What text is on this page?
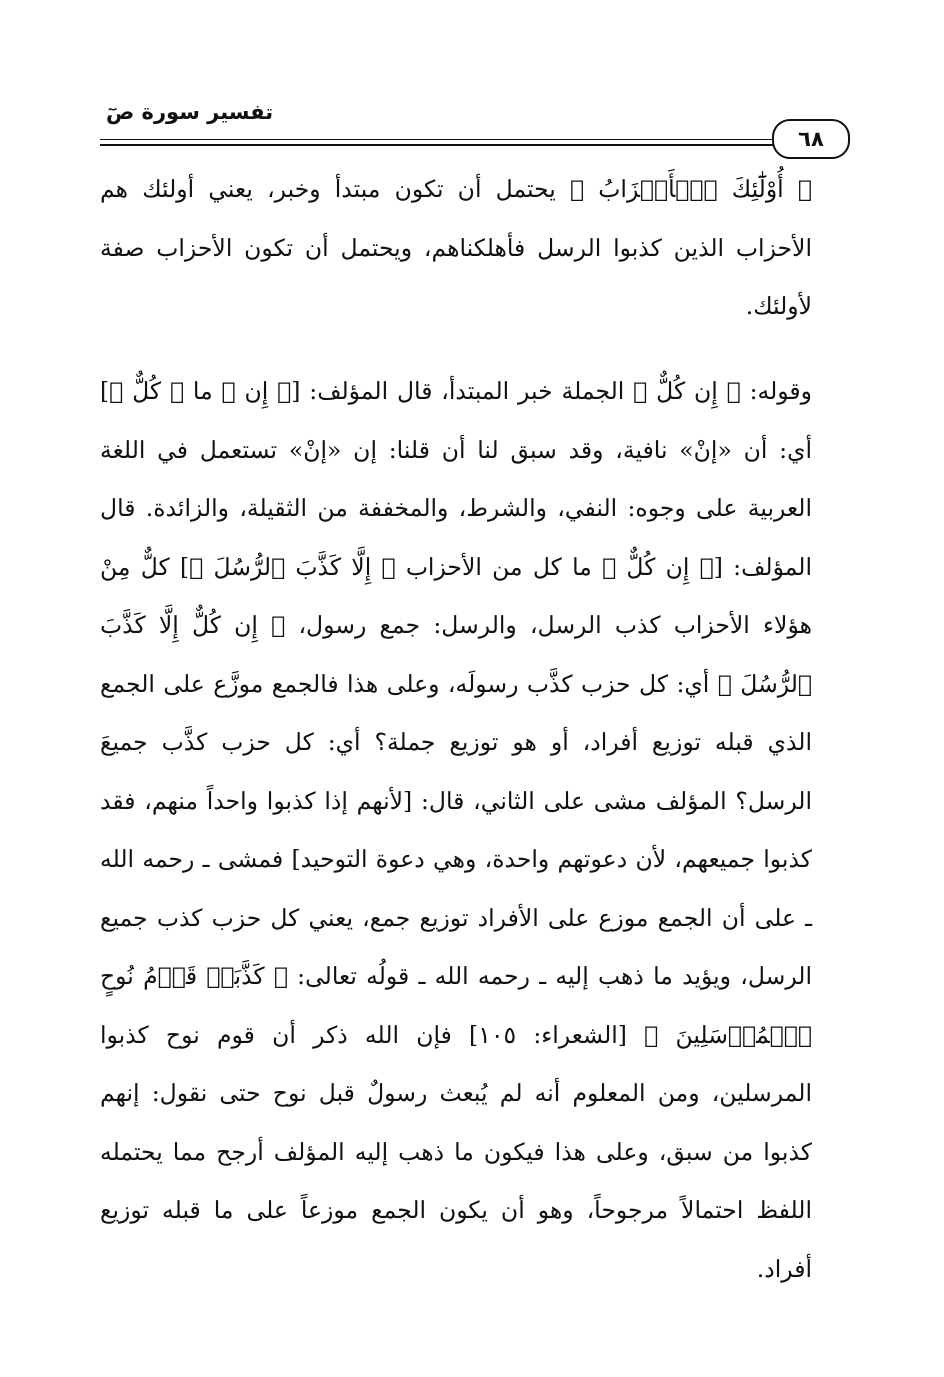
تفسير سورة صٓ
٦٨

﴿ أُوْلَٰٓئِكَ ٱلۡأَحۡزَابُ ﴾ يحتمل أن تكون مبتدأ وخبر، يعني أولئك هم الأحزاب الذين كذبوا الرسل فأهلكناهم، ويحتمل أن تكون الأحزاب صفة لأولئك.

وقوله: ﴿ إِن كُلٌّ ﴾ الجملة خبر المبتدأ، قال المؤلف: [﴿ إِن ﴾ ما ﴿ كُلٌّ ﴾] أي: أن «إنْ» نافية، وقد سبق لنا أن قلنا: إن «إنْ» تستعمل في اللغة العربية على وجوه: النفي، والشرط، والمخففة من الثقيلة، والزائدة. قال المؤلف: [﴿ إِن كُلٌّ ﴾ ما كل من الأحزاب ﴿ إِلَّا كَذَّبَ ٱلرُّسُلَ ﴾] كلٌّ مِنْ هؤلاء الأحزاب كذب الرسل، والرسل: جمع رسول، ﴿ إِن كُلٌّ إِلَّا كَذَّبَ ٱلرُّسُلَ ﴾ أي: كل حزب كذَّب رسولَه، وعلى هذا فالجمع موزَّع على الجمع الذي قبله توزيع أفراد، أو هو توزيع جملة؟ أي: كل حزب كذَّب جميعَ الرسل؟ المؤلف مشى على الثاني، قال: [لأنهم إذا كذبوا واحداً منهم، فقد كذبوا جميعهم، لأن دعوتهم واحدة، وهي دعوة التوحيد] فمشى ـ رحمه الله ـ على أن الجمع موزع على الأفراد توزيع جمع، يعني كل حزب كذب جميع الرسل، ويؤيد ما ذهب إليه ـ رحمه الله ـ قولُه تعالى: ﴿ كَذَّبَتۡ قَوۡمُ نُوحٍ ٱلۡمُرۡسَلِينَ ﴾ [الشعراء: ١٠٥] فإن الله ذكر أن قوم نوح كذبوا المرسلين، ومن المعلوم أنه لم يُبعث رسولٌ قبل نوح حتى نقول: إنهم كذبوا من سبق، وعلى هذا فيكون ما ذهب إليه المؤلف أرجح مما يحتمله اللفظ احتمالاً مرجوحاً، وهو أن يكون الجمع موزعاً على ما قبله توزيع أفراد.
